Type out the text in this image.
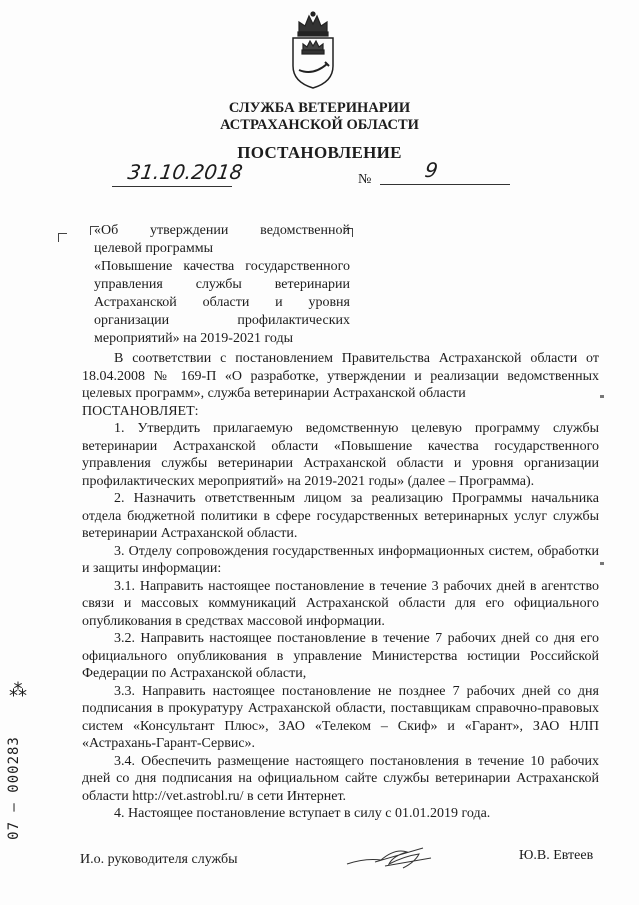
СЛУЖБА ВЕТЕРИНАРИИ
АСТРАХАНСКОЙ ОБЛАСТИ
ПОСТАНОВЛЕНИЕ
31.10.2018	№	9
«Об утверждении ведомственной
целевой программы
«Повышение качества государственного
управления службы ветеринарии
Астраханской области и уровня
организации профилактических
мероприятий» на 2019-2021 годы

В соответствии с постановлением Правительства Астраханской области от 18.04.2008 № 169-П «О разработке, утверждении и реализации ведомственных целевых программ», служба ветеринарии Астраханской области

ПОСТАНОВЛЯЕТ:

1. Утвердить прилагаемую ведомственную целевую программу службы ветеринарии Астраханской области «Повышение качества государственного управления службы ветеринарии Астраханской области и уровня организации профилактических мероприятий» на 2019-2021 годы» (далее – Программа).

2. Назначить ответственным лицом за реализацию Программы начальника отдела бюджетной политики в сфере государственных ветеринарных услуг службы ветеринарии Астраханской области.

3. Отделу сопровождения государственных информационных систем, обработки и защиты информации:

3.1. Направить настоящее постановление в течение 3 рабочих дней в агентство связи и массовых коммуникаций Астраханской области для его официального опубликования в средствах массовой информации.

3.2. Направить настоящее постановление в течение 7 рабочих дней со дня его официального опубликования в управление Министерства юстиции Российской Федерации по Астраханской области,

3.3. Направить настоящее постановление не позднее 7 рабочих дней со дня подписания в прокуратуру Астраханской области, поставщикам справочно-правовых систем «Консультант Плюс», ЗАО «Телеком – Скиф» и «Гарант», ЗАО НЛП «Астрахань-Гарант-Сервис».

3.4. Обеспечить размещение настоящего постановления в течение 10 рабочих дней со дня подписания на официальном сайте службы ветеринарии Астраханской области http://vet.astrobl.ru/ в сети Интернет.

4. Настоящее постановление вступает в силу с 01.01.2019 года.

И.о. руководителя службы	Ю.В. Евтеев
⁂
07 — 000283
